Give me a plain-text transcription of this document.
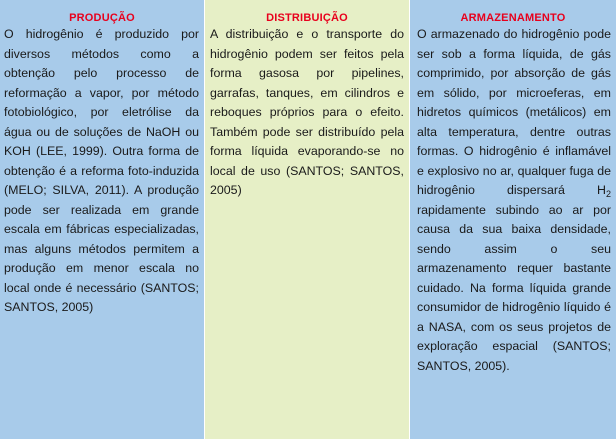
PRODUÇÃO
O hidrogênio é produzido por diversos métodos como a obtenção pelo processo de reformação a vapor, por método fotobiológico, por eletrólise da água ou de soluções de NaOH ou KOH (LEE, 1999). Outra forma de obtenção é a reforma foto-induzida (MELO; SILVA, 2011). A produção pode ser realizada em grande escala em fábricas especializadas, mas alguns métodos permitem a produção em menor escala no local onde é necessário (SANTOS; SANTOS, 2005)
DISTRIBUIÇÃO
A distribuição e o transporte do hidrogênio podem ser feitos pela forma gasosa por pipelines, garrafas, tanques, em cilindros e reboques próprios para o efeito. Também pode ser distribuído pela forma líquida evaporando-se no local de uso (SANTOS; SANTOS, 2005)
ARMAZENAMENTO
O armazenado do hidrogênio pode ser sob a forma líquida, de gás comprimido, por absorção de gás em sólido, por microeferas, em hidretos químicos (metálicos) em alta temperatura, dentre outras formas. O hidrogênio é inflamável e explosivo no ar, qualquer fuga de hidrogênio dispersará $H_2$ rapidamente subindo ao ar por causa da sua baixa densidade, sendo assim o seu armazenamento requer bastante cuidado. Na forma líquida grande consumidor de hidrogênio líquido é a NASA, com os seus projetos de exploração espacial (SANTOS; SANTOS, 2005).
